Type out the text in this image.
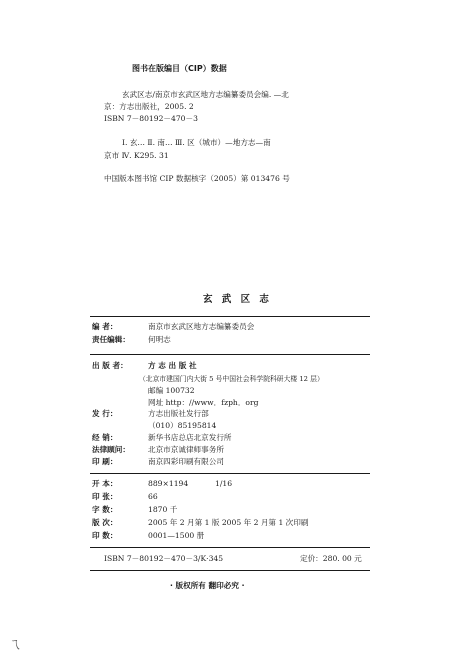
图书在版编目（CIP）数据
玄武区志/南京市玄武区地方志编纂委员会编. —北
京：方志出版社，2005. 2
ISBN 7－80192－470－3
Ⅰ. 玄… Ⅱ. 南… Ⅲ. 区（城市）—地方志—南
京市 Ⅳ. K295. 31
中国版本图书馆 CIP 数据核字（2005）第 013476 号
玄 武 区 志
编 者：	南京市玄武区地方志编纂委员会
责任编辑： 何明志
出 版 者：	方 志 出 版 社
（北京市建国门内大街 5 号中国社会科学院科研大楼 12 层）
邮编 100732
网址 http：//www．fzph．org
发 行：	方志出版社发行部
（010）85195814
经 销：	新华书店总店北京发行所
法律顾问： 北京市京诚律师事务所
印 刷：	南京四彩印刷有限公司
开 本：	889×1194	1/16
印 张：	66
字 数：	1870 千
版 次：	2005 年 2 月第 1 版 2005 年 2 月第 1 次印刷
印 数：	0001—1500 册
ISBN 7－80192－470－3/K·345	定价：280. 00 元
· 版权所有 翻印必究 ·
ㄟ
